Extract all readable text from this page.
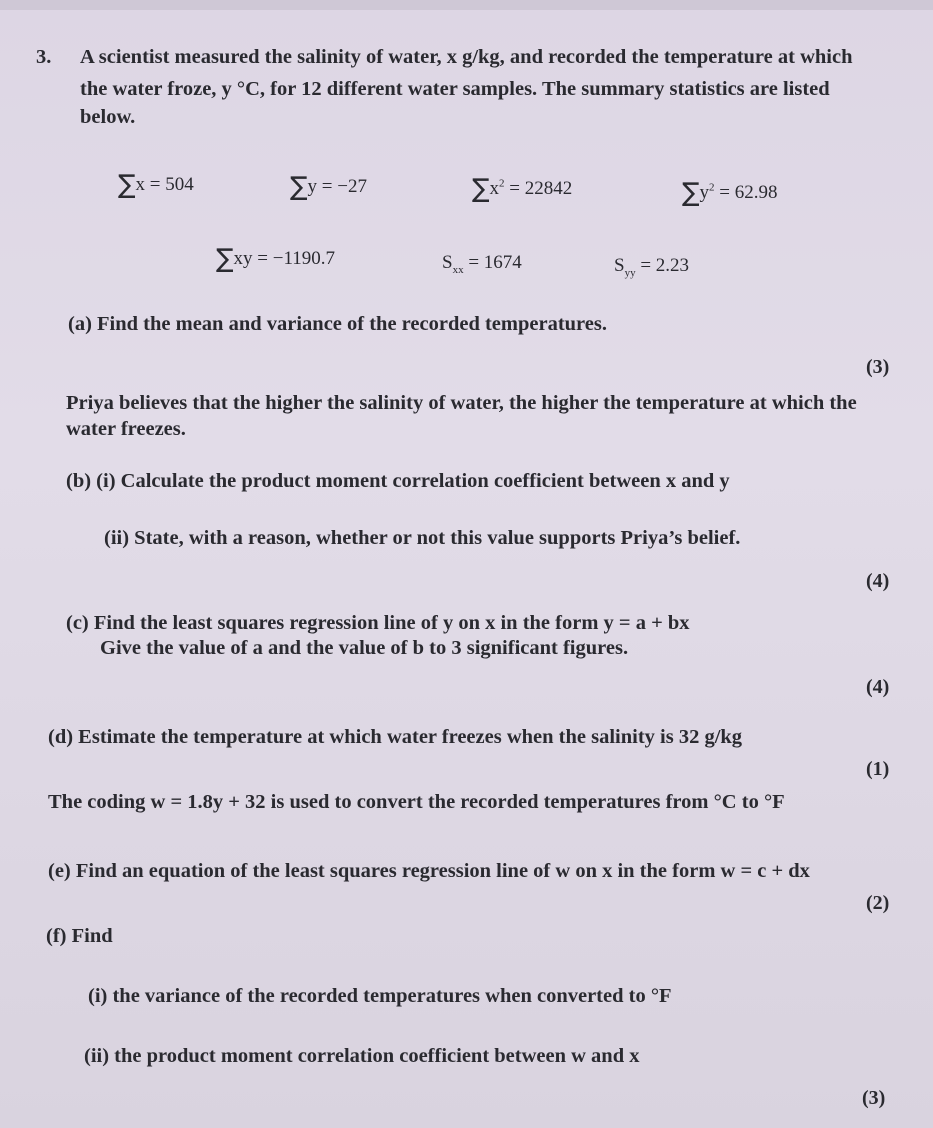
3. A scientist measured the salinity of water, x g/kg, and recorded the temperature at which
the water froze, y °C, for 12 different water samples. The summary statistics are listed
below.
∑x = 504	∑y = −27	$\sum x^2 = 22842$	$\sum y^2 = 62.98$
∑xy = −1190.7	$S_{xx} = 1674$	$S_{yy} = 2.23$
(a) Find the mean and variance of the recorded temperatures.
(3)
Priya believes that the higher the salinity of water, the higher the temperature at which the
water freezes.
(b) (i) Calculate the product moment correlation coefficient between x and y
(ii) State, with a reason, whether or not this value supports Priya’s belief.
(4)
(c) Find the least squares regression line of y on x in the form y = a + bx
Give the value of a and the value of b to 3 significant figures.
(4)
(d) Estimate the temperature at which water freezes when the salinity is 32 g/kg
(1)
The coding w = 1.8y + 32 is used to convert the recorded temperatures from °C to °F
(e) Find an equation of the least squares regression line of w on x in the form w = c + dx
(2)
(f) Find
(i) the variance of the recorded temperatures when converted to °F
(ii) the product moment correlation coefficient between w and x
(3)
